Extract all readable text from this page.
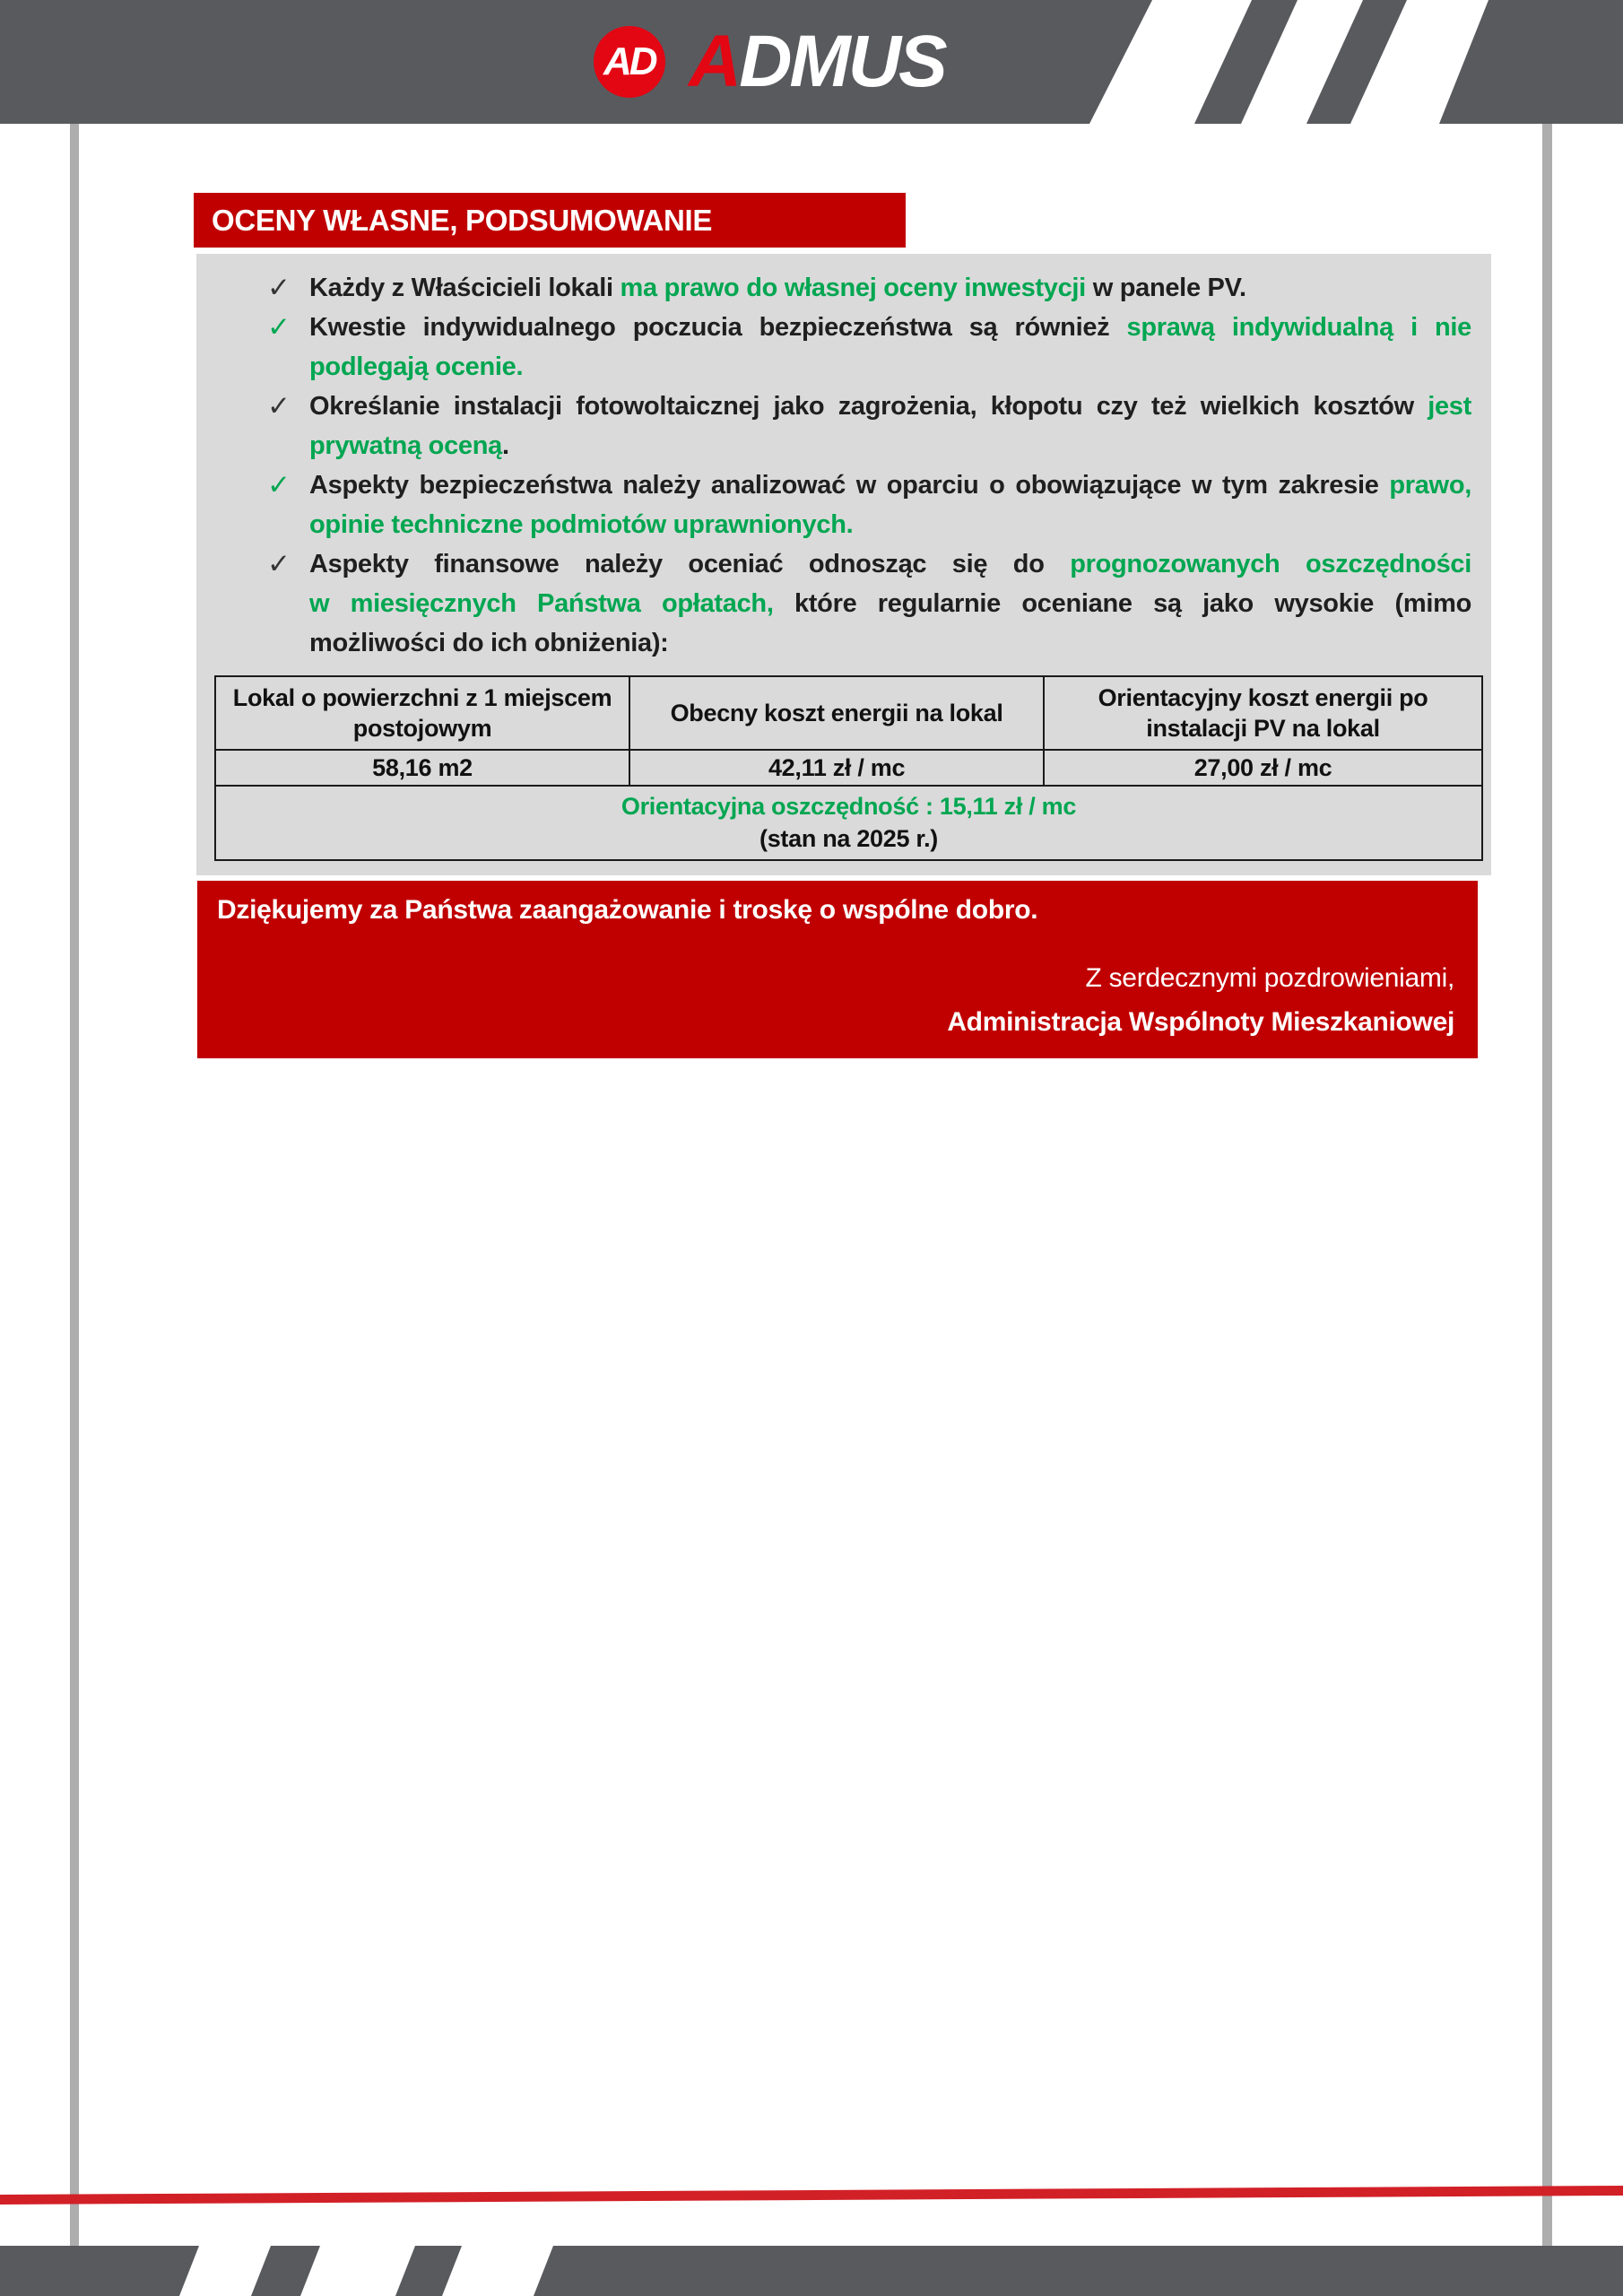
AD ADMUS
OCENY WŁASNE, PODSUMOWANIE
✓ Każdy z Właścicieli lokali ma prawo do własnej oceny inwestycji w panele PV.
✓ Kwestie indywidualnego poczucia bezpieczeństwa są również sprawą indywidualną i nie podlegają ocenie.
✓ Określanie instalacji fotowoltaicznej jako zagrożenia, kłopotu czy też wielkich kosztów jest prywatną oceną.
✓ Aspekty bezpieczeństwa należy analizować w oparciu o obowiązujące w tym zakresie prawo, opinie techniczne podmiotów uprawnionych.
✓ Aspekty finansowe należy oceniać odnosząc się do prognozowanych oszczędności w miesięcznych Państwa opłatach, które regularnie oceniane są jako wysokie (mimo możliwości do ich obniżenia):
Lokal o powierzchni z 1 miejscem postojowym	Obecny koszt energii na lokal	Orientacyjny koszt energii po instalacji PV na lokal
58,16 m2	42,11 zł / mc	27,00 zł / mc

Orientacyjna oszczędność : 15,11 zł / mc
(stan na 2025 r.)		
Dziękujemy za Państwa zaangażowanie i troskę o wspólne dobro.
Z serdecznymi pozdrowieniami,
Administracja Wspólnoty Mieszkaniowej
